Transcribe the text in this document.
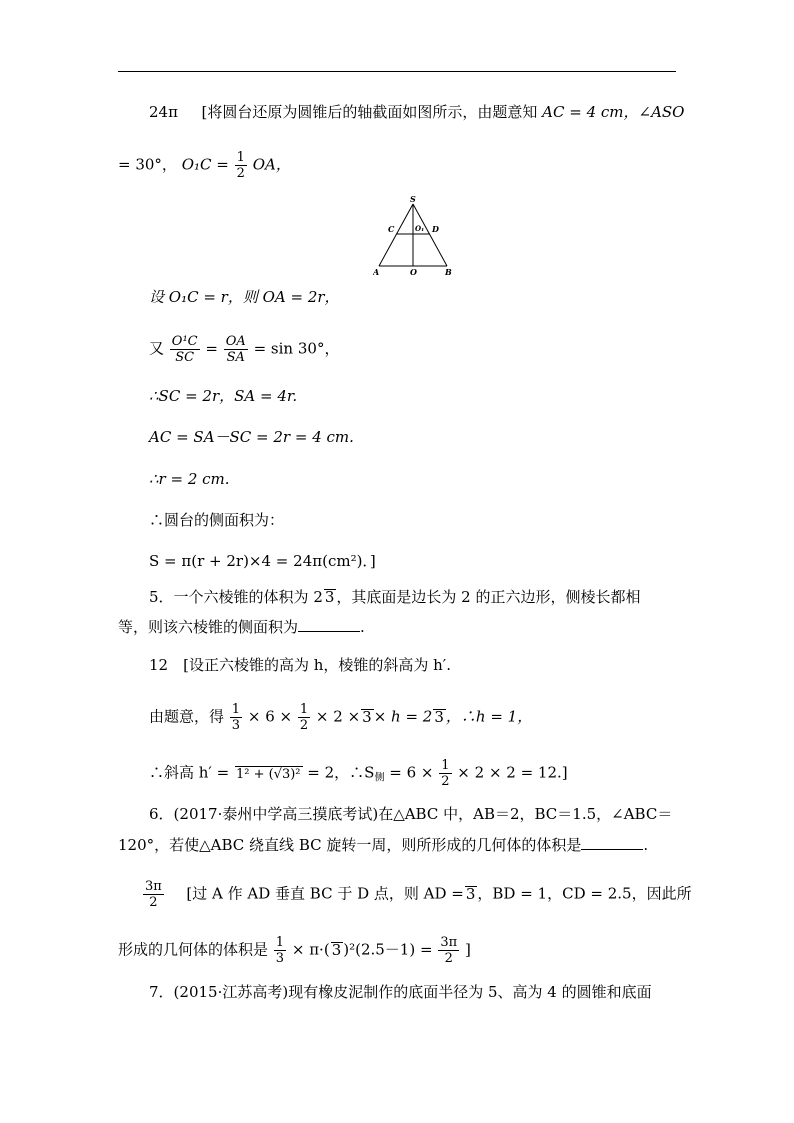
24π [将圆台还原为圆锥后的轴截面如图所示，由题意知 AC = 4 cm，∠ASO
= 30°， $O_1C = \frac{1}{2}$ OA，
S
C	O₁ D
A	O	B
设 O₁C = r，则 OA = 2r，
又 $\frac{\text{O¹C}}{SC} = \frac{OA}{SA} = \sin 30^\circ$，
∴SC = 2r，SA = 4r.
AC = SA－SC = 2r = 4 cm.
∴r = 2 cm.
∴圆台的侧面积为：
S = π(r + 2r)×4 = 24π(cm²)．]
5．一个六棱锥的体积为 2 3 ，其底面是边长为 2 的正六边形，侧棱长都相
等，则该六棱锥的侧面积为	.
12　[设正六棱锥的高为 h，棱锥的斜高为 h′.
由题意，得 $\frac{1}{3} \times 6 \times \frac{1}{2} \times 2 \times 3 \times h = 2$ 3 ，∴h = 1，
∴斜高 h′ = 1² + (√3)² = 2，$\therefore S_侧 = 6 \times \frac{1}{2} \times 2 \times 2 = 12$.]
6．(2017·泰州中学高三摸底考试)在△ABC 中，AB＝2，BC＝1.5，∠ABC＝
120°，若使△ABC 绕直线 BC 旋转一周，则所形成的几何体的体积是	.
$\frac{3\pi}{2}$ [过 A 作 AD 垂直 BC 于 D 点，则 AD = 3 ，BD = 1，CD = 2.5，因此所
形成的几何体的体积是 $\frac{1}{3} \times \pi\cdot$( 3 )$^2(2.5-1) = \frac{3\pi}{2}$ ]
7．(2015·江苏高考)现有橡皮泥制作的底面半径为 5、高为 4 的圆锥和底面
